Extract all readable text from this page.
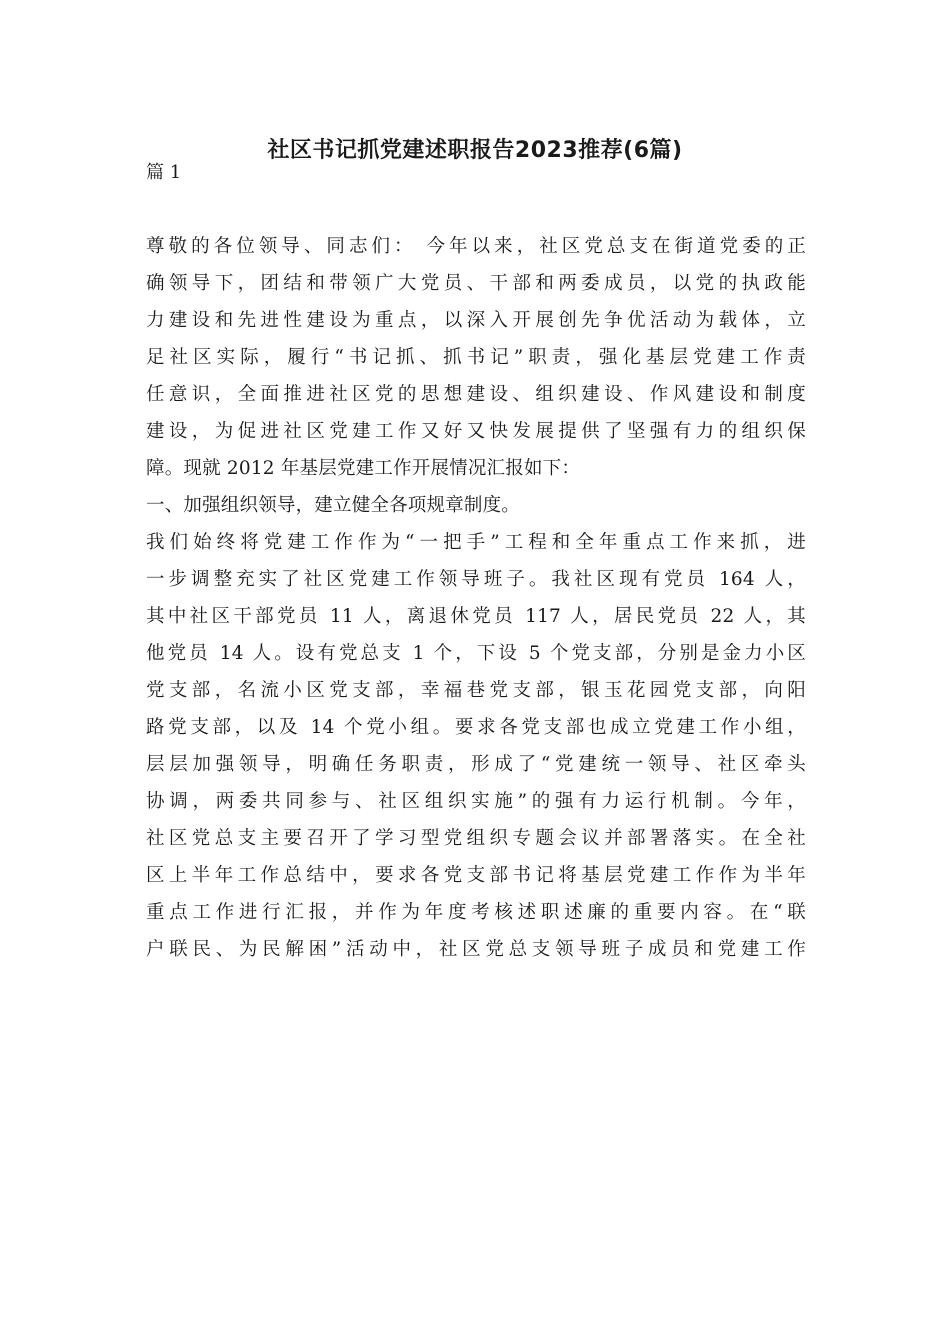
社区书记抓党建述职报告2023推荐(6篇)

篇 1

尊敬的各位领导、同志们： 今年以来，社区党总支在街道党委的正
确领导下，团结和带领广大党员、干部和两委成员，以党的执政能
力建设和先进性建设为重点，以深入开展创先争优活动为载体，立
足社区实际，履行“书记抓、抓书记”职责，强化基层党建工作责
任意识，全面推进社区党的思想建设、组织建设、作风建设和制度
建设，为促进社区党建工作又好又快发展提供了坚强有力的组织保
障。现就 2012 年基层党建工作开展情况汇报如下：
一、加强组织领导，建立健全各项规章制度。
我们始终将党建工作作为“一把手”工程和全年重点工作来抓，进
一步调整充实了社区党建工作领导班子。我社区现有党员 164 人，
其中社区干部党员 11 人，离退休党员 117 人，居民党员 22 人，其
他党员 14 人。设有党总支 1 个，下设 5 个党支部，分别是金力小区
党支部，名流小区党支部，幸福巷党支部，银玉花园党支部，向阳
路党支部，以及 14 个党小组。要求各党支部也成立党建工作小组，
层层加强领导，明确任务职责，形成了“党建统一领导、社区牵头
协调，两委共同参与、社区组织实施”的强有力运行机制。今年，
社区党总支主要召开了学习型党组织专题会议并部署落实。在全社
区上半年工作总结中，要求各党支部书记将基层党建工作作为半年
重点工作进行汇报，并作为年度考核述职述廉的重要内容。在“联
户联民、为民解困”活动中，社区党总支领导班子成员和党建工作
